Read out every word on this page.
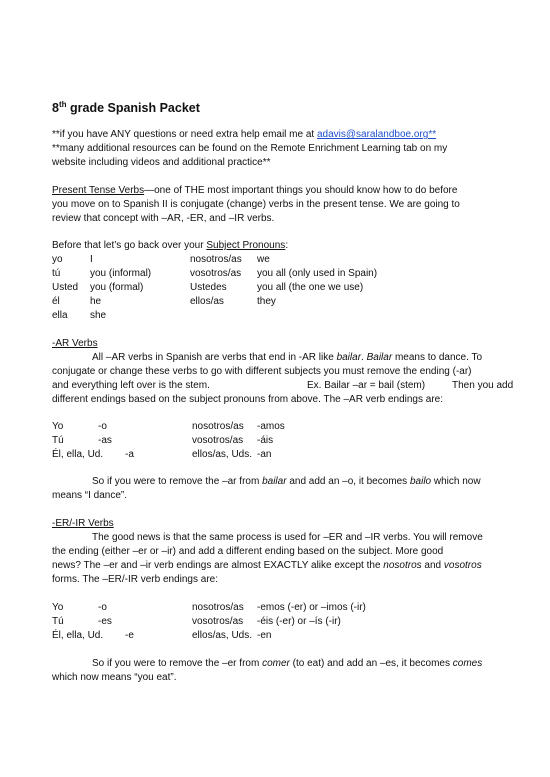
8th grade Spanish Packet
**if you have ANY questions or need extra help email me at adavis@saralandboe.org**
**many additional resources can be found on the Remote Enrichment Learning tab on my
website including videos and additional practice**
Present Tense Verbs—one of THE most important things you should know how to do before
you move on to Spanish II is conjugate (change) verbs in the present tense. We are going to
review that concept with –AR, -ER, and –IR verbs.
Before that let’s go back over your Subject Pronouns:
yo	I	nosotros/as we
tú	you (informal)	vosotros/as you all (only used in Spain)
Usted you (formal)	Ustedes	you all (the one we use)
él	he	ellos/as	they
ella she
-AR Verbs
All –AR verbs in Spanish are verbs that end in -AR like bailar. Bailar means to dance. To
conjugate or change these verbs to go with different subjects you must remove the ending (-ar)
and everything left over is the stem.	Ex. Bailar –ar = bail (stem)	Then you add
different endings based on the subject pronouns from above. The –AR verb endings are:
Yo	-o	nosotros/as -amos
Tú	-as	vosotros/as -áis
Él, ella, Ud. -a	ellos/as, Uds. -an
So if you were to remove the –ar from bailar and add an –o, it becomes bailo which now
means “I dance”.
-ER/-IR Verbs
The good news is that the same process is used for –ER and –IR verbs. You will remove
the ending (either –er or –ir) and add a different ending based on the subject. More good
news? The –er and –ir verb endings are almost EXACTLY alike except the nosotros and vosotros
forms. The –ER/-IR verb endings are:
Yo	-o	nosotros/as -emos (-er) or –imos (-ir)
Tú	-es	vosotros/as -éis (-er) or –ís (-ir)
Él, ella, Ud. -e	ellos/as, Uds. -en
So if you were to remove the –er from comer (to eat) and add an –es, it becomes comes
which now means “you eat”.
